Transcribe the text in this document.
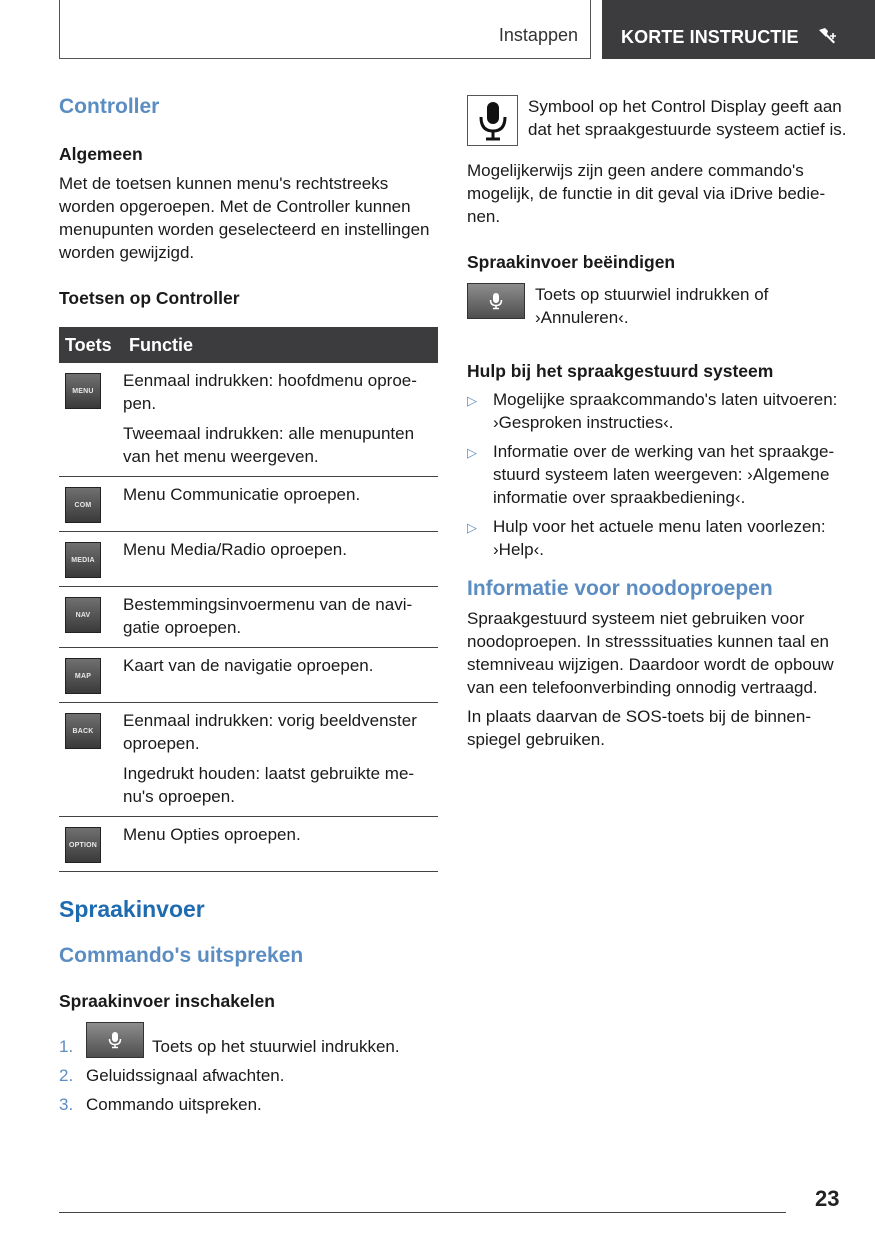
Instappen KORTE INSTRUCTIE
Controller
Algemeen

Met de toetsen kunnen menu's rechtstreeks worden opgeroepen. Met de Controller kunnen menupunten worden geselecteerd en instellingen worden gewijzigd.

Toetsen op Controller
Toets	Functie

MENU	Eenmaal indrukken: hoofdmenu oproepen.

Tweemaal indrukken: alle menupunten van het menu weergeven.

COM	Menu Communicatie oproepen.

MEDIA	Menu Media/Radio oproepen.

NAV	Bestemmingsinvoermenu van de navigatie oproepen.

MAP	Kaart van de navigatie oproepen.

BACK	Eenmaal indrukken: vorig beeldvenster oproepen.

Ingedrukt houden: laatst gebruikte menu's oproepen.

OPTION	Menu Opties oproepen.

Spraakinvoer
Commando's uitspreken
Spraakinvoer inschakelen
1.	Toets op het stuurwiel indrukken.
2. Geluidssignaal afwachten.
3. Commando uitspreken.

Symbool op het Control Display geeft aan dat het spraakgestuurde systeem actief is.

Mogelijkerwijs zijn geen andere commando's mogelijk, de functie in dit geval via iDrive bedienen.

Spraakinvoer beëindigen

Toets op stuurwiel indrukken of ›Annuleren‹.

Hulp bij het spraakgestuurd systeem
▷ Mogelijke spraakcommando's laten uitvoeren: ›Gesproken instructies‹.
▷ Informatie over de werking van het spraakgestuurd systeem laten weergeven: ›Algemene informatie over spraakbediening‹.
▷ Hulp voor het actuele menu laten voorlezen: ›Help‹.
Informatie voor noodoproepen

Spraakgestuurd systeem niet gebruiken voor noodoproepen. In stresssituaties kunnen taal en stemniveau wijzigen. Daardoor wordt de opbouw van een telefoonverbinding onnodig vertraagd.

In plaats daarvan de SOS-toets bij de binnenspiegel gebruiken.

23
